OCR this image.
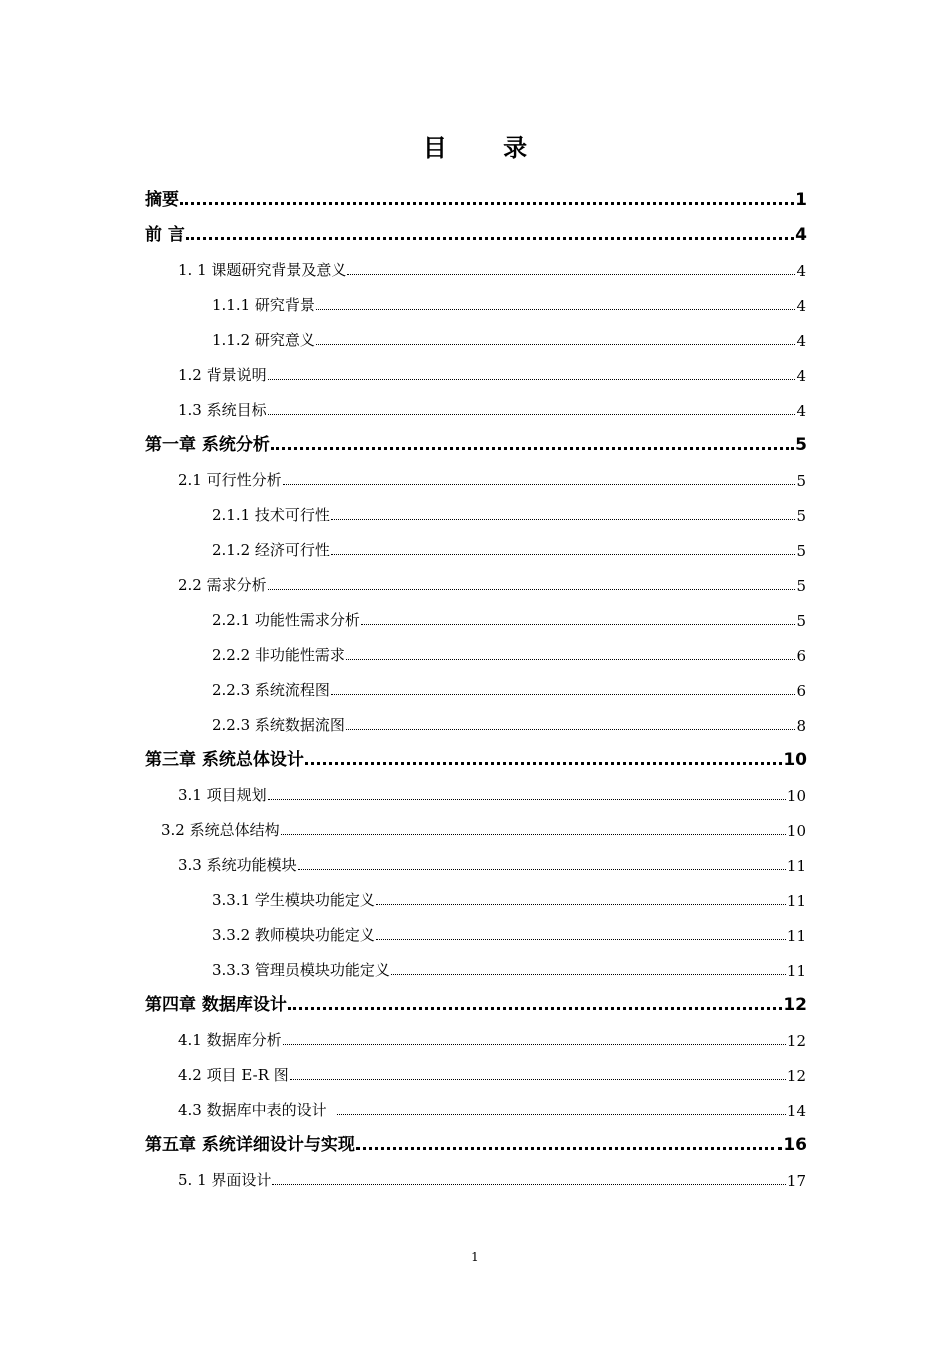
目 录
摘要	1
前 言	4
1. 1 课题研究背景及意义	4
1.1.1 研究背景	4
1.1.2 研究意义	4
1.2 背景说明	4
1.3 系统目标	4
第一章 系统分析	5
2.1 可行性分析	5
2.1.1 技术可行性	5
2.1.2 经济可行性	5
2.2 需求分析	5
2.2.1 功能性需求分析	5
2.2.2 非功能性需求	6
2.2.3 系统流程图	6
2.2.3 系统数据流图	8
第三章 系统总体设计	10
3.1 项目规划	10
3.2 系统总体结构	10
3.3 系统功能模块	11
3.3.1 学生模块功能定义	11
3.3.2 教师模块功能定义	11
3.3.3 管理员模块功能定义	11
第四章 数据库设计	12
4.1 数据库分析	12
4.2 项目 E-R 图	12
4.3 数据库中表的设计	14
第五章 系统详细设计与实现	16
5. 1 界面设计	17
1
